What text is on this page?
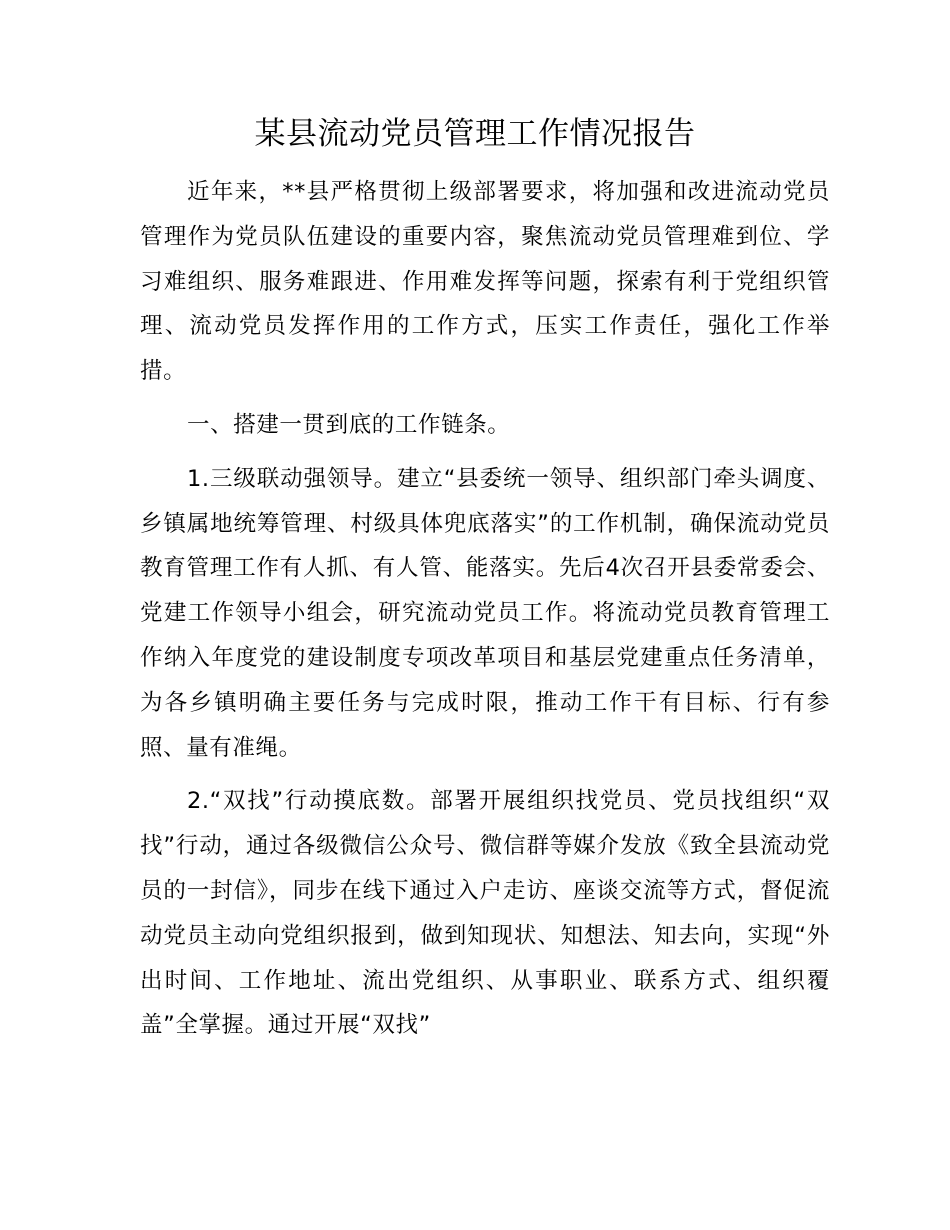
某县流动党员管理工作情况报告

近年来，**县严格贯彻上级部署要求，将加强和改进流动党员管理作为党员队伍建设的重要内容，聚焦流动党员管理难到位、学习难组织、服务难跟进、作用难发挥等问题，探索有利于党组织管理、流动党员发挥作用的工作方式，压实工作责任，强化工作举措。

一、搭建一贯到底的工作链条。

1.三级联动强领导。建立“县委统一领导、组织部门牵头调度、乡镇属地统筹管理、村级具体兜底落实”的工作机制，确保流动党员教育管理工作有人抓、有人管、能落实。先后4次召开县委常委会、党建工作领导小组会，研究流动党员工作。将流动党员教育管理工作纳入年度党的建设制度专项改革项目和基层党建重点任务清单，为各乡镇明确主要任务与完成时限，推动工作干有目标、行有参照、量有准绳。

2.“双找”行动摸底数。部署开展组织找党员、党员找组织“双找”行动，通过各级微信公众号、微信群等媒介发放《致全县流动党员的一封信》，同步在线下通过入户走访、座谈交流等方式，督促流动党员主动向党组织报到，做到知现状、知想法、知去向，实现“外出时间、工作地址、流出党组织、从事职业、联系方式、组织覆盖”全掌握。通过开展“双找”
